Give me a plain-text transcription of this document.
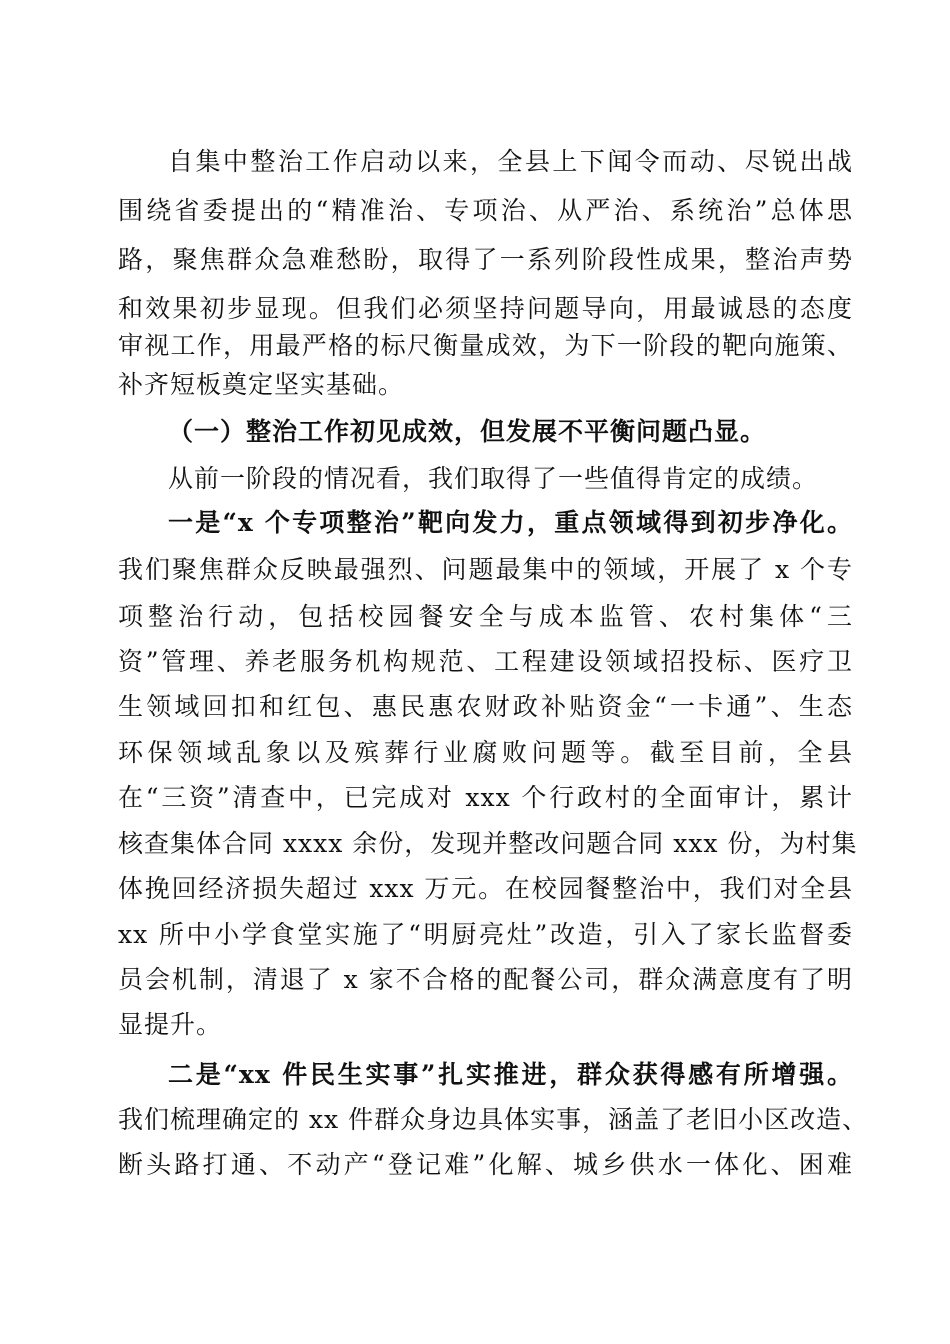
自集中整治工作启动以来，全县上下闻令而动、尽锐出战
围绕省委提出的“精准治、专项治、从严治、系统治”总体思
路，聚焦群众急难愁盼，取得了一系列阶段性成果，整治声势
和效果初步显现。但我们必须坚持问题导向，用最诚恳的态度
审视工作，用最严格的标尺衡量成效，为下一阶段的靶向施策、
补齐短板奠定坚实基础。
（一）整治工作初见成效，但发展不平衡问题凸显。
从前一阶段的情况看，我们取得了一些值得肯定的成绩。
一是“x 个专项整治”靶向发力，重点领域得到初步净化。
我们聚焦群众反映最强烈、问题最集中的领域，开展了 x 个专
项整治行动，包括校园餐安全与成本监管、农村集体“三
资”管理、养老服务机构规范、工程建设领域招投标、医疗卫
生领域回扣和红包、惠民惠农财政补贴资金“一卡通”、生态
环保领域乱象以及殡葬行业腐败问题等。截至目前，全县
在“三资”清查中，已完成对 xxx 个行政村的全面审计，累计
核查集体合同 xxxx 余份，发现并整改问题合同 xxx 份，为村集
体挽回经济损失超过 xxx 万元。在校园餐整治中，我们对全县
xx 所中小学食堂实施了“明厨亮灶”改造，引入了家长监督委
员会机制，清退了 x 家不合格的配餐公司，群众满意度有了明
显提升。
二是“xx 件民生实事”扎实推进，群众获得感有所增强。
我们梳理确定的 xx 件群众身边具体实事，涵盖了老旧小区改造、
断头路打通、不动产“登记难”化解、城乡供水一体化、困难
